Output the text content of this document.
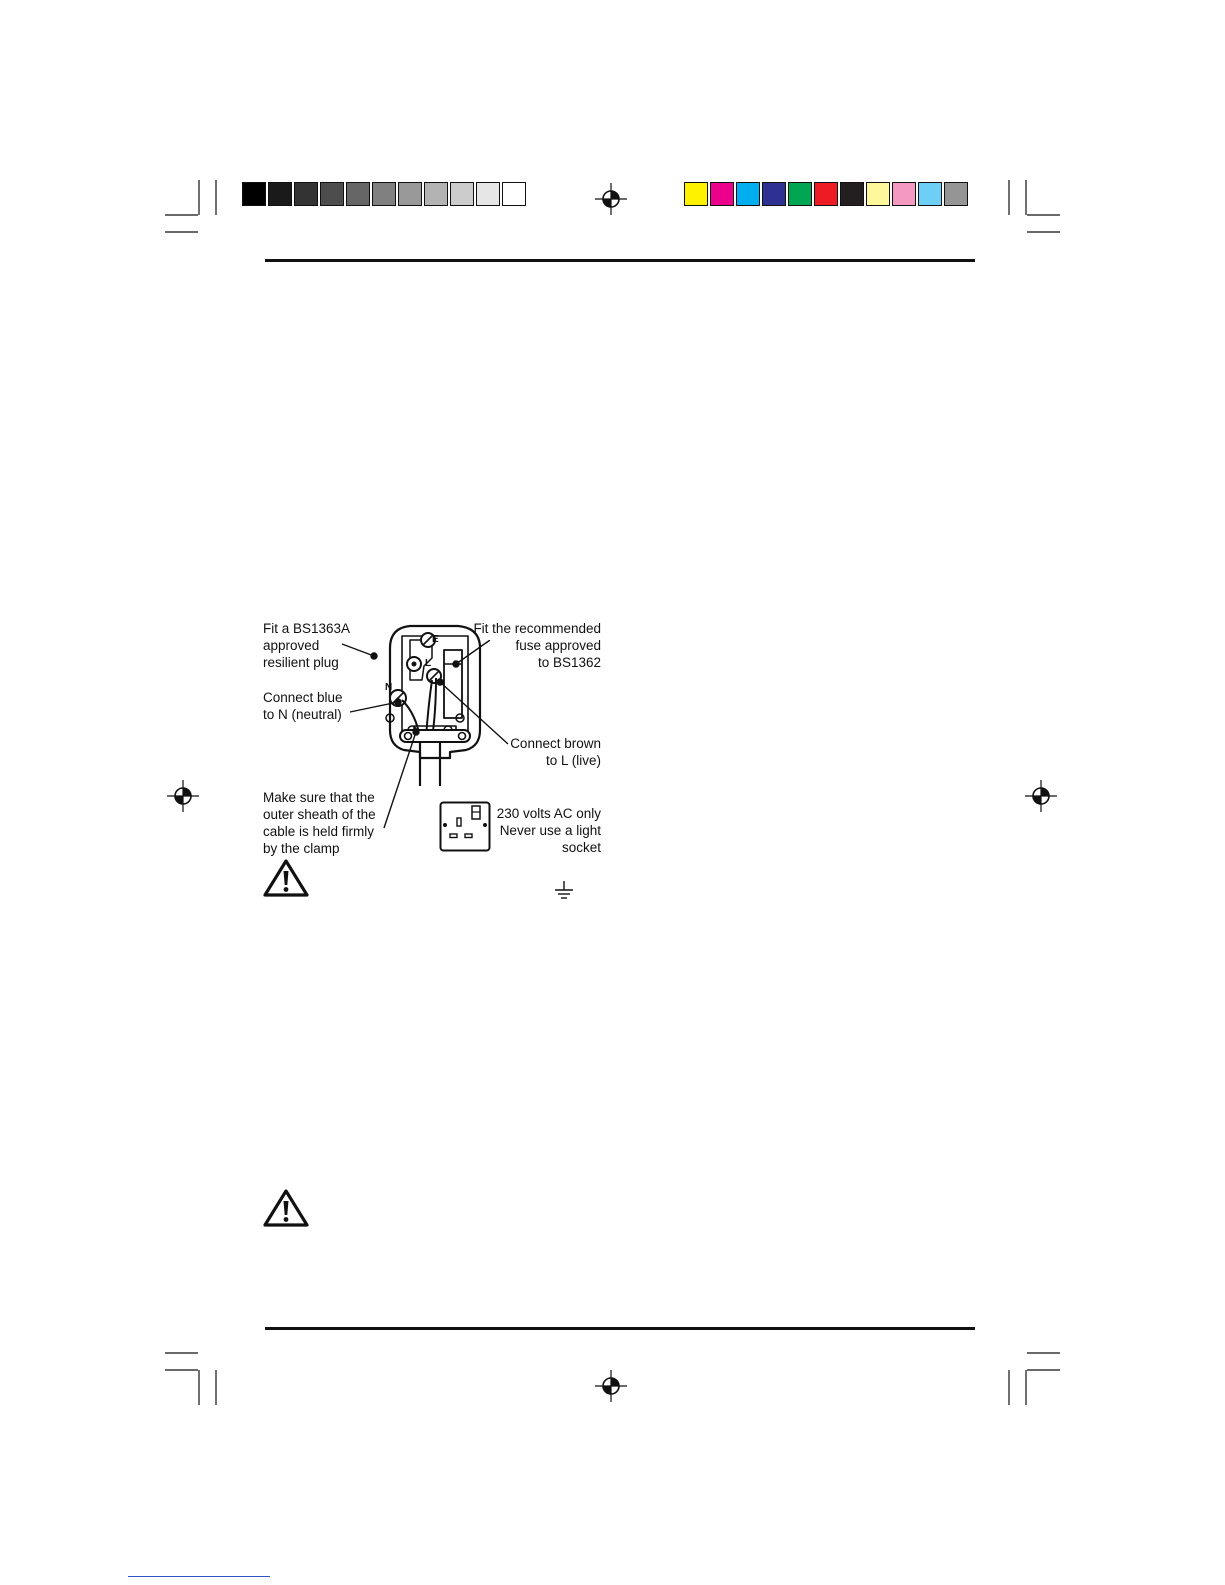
E
L
N
Fit a BS1363A
approved
resilient plug
Connect blue
to N (neutral)
Make sure that the
outer sheath of the
cable is held firmly
by the clamp
Fit the recommended
fuse approved
to BS1362
Connect brown
to L (live)
230 volts AC only
Never use a light
socket
